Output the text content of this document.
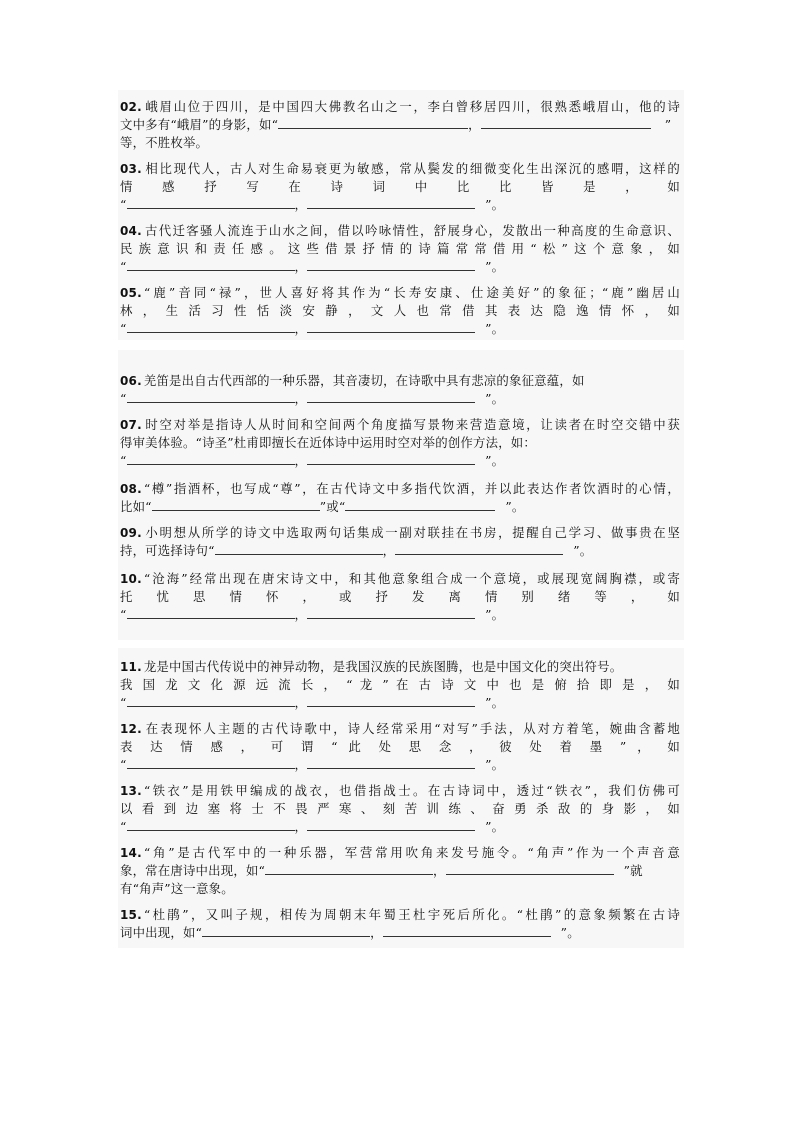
02. 峨眉山位于四川，是中国四大佛教名山之一，李白曾移居四川，很熟悉峨眉山，他的诗
文中多有“峨眉”的身影，如“	，	”
等，不胜枚举。
03. 相比现代人，古人对生命易衰更为敏感，常从鬓发的细微变化生出深沉的感喟，这样的
情 感 抒 写 在 诗 词 中 比 比 皆 是 ， 如
“	，	”。
04. 古代迁客骚人流连于山水之间，借以吟咏情性，舒展身心，发散出一种高度的生命意识、
民族意识和责任感。这些借景抒情的诗篇常常借用“松”这个意象，如
“	，	”。
05. “鹿”音同“禄”，世人喜好将其作为“长寿安康、仕途美好”的象征；“鹿”幽居山
林 ， 生 活 习 性 恬 淡 安 静 ， 文 人 也 常 借 其 表 达 隐 逸 情 怀 ， 如
“	，	”。
06. 羌笛是出自古代西部的一种乐器，其音凄切，在诗歌中具有悲凉的象征意蕴，如
“	，	”。
07. 时空对举是指诗人从时间和空间两个角度描写景物来营造意境，让读者在时空交错中获
得审美体验。“诗圣”杜甫即擅长在近体诗中运用时空对举的创作方法，如：
“	，	”。
08. “樽”指酒杯，也写成“尊”，在古代诗文中多指代饮酒，并以此表达作者饮酒时的心情，
比如“	”或“	”。
09. 小明想从所学的诗文中选取两句话集成一副对联挂在书房，提醒自己学习、做事贵在坚
持，可选择诗句“	，	”。
10. “沧海”经常出现在唐宋诗文中，和其他意象组合成一个意境，或展现宽阔胸襟，或寄
托 忧 思 情 怀 ， 或 抒 发 离 情 别 绪 等 ， 如
“	，	”。
11. 龙是中国古代传说中的神异动物，是我国汉族的民族图腾，也是中国文化的突出符号。
我 国 龙 文 化 源 远 流 长 ， “ 龙 ” 在 古 诗 文 中 也 是 俯 拾 即 是 ， 如
“	，	”。
12. 在表现怀人主题的古代诗歌中，诗人经常采用“对写”手法，从对方着笔，婉曲含蓄地
表 达 情 感 ， 可 谓 “ 此 处 思 念 ， 彼 处 着 墨 ” ， 如
“	，	”。
13. “铁衣”是用铁甲编成的战衣，也借指战士。在古诗词中，透过“铁衣”，我们仿佛可
以 看 到 边 塞 将 士 不 畏 严 寒 、 刻 苦 训 练 、 奋 勇 杀 敌 的 身 影 ， 如
“	，	”。
14. “角”是古代军中的一种乐器，军营常用吹角来发号施令。“角声”作为一个声音意
象，常在唐诗中出现，如“	，	”就
有“角声”这一意象。
15. “杜鹃”，又叫子规，相传为周朝末年蜀王杜宇死后所化。“杜鹃”的意象频繁在古诗
词中出现，如“	，	”。
